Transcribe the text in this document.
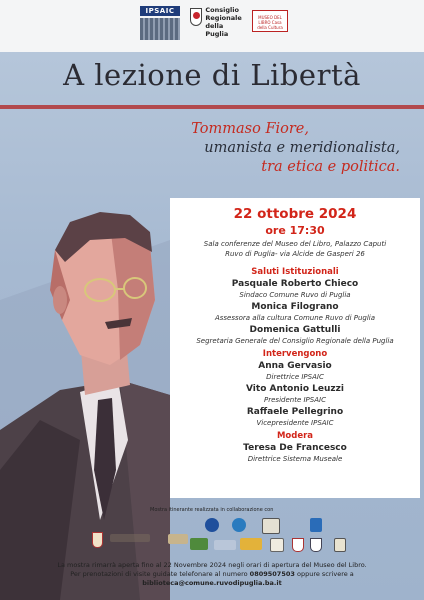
IPSAIC	Consiglio
Regionale
della Puglia
MUSEO DEL LIBRO Casa della Cultura
A lezione di Libertà
Tommaso Fiore,
umanista e meridionalista,
tra etica e politica.
22 ottobre 2024
ore 17:30
Sala conferenze del Museo del Libro, Palazzo Caputi
Ruvo di Puglia- via Alcide de Gasperi 26
Saluti Istituzionali
Pasquale Roberto Chieco
Sindaco Comune Ruvo di Puglia
Monica Filograno
Assessora alla cultura Comune Ruvo di Puglia
Domenica Gattulli
Segretaria Generale del Consiglio Regionale della Puglia
Intervengono
Anna Gervasio
Direttrice IPSAIC
Vito Antonio Leuzzi
Presidente IPSAIC
Raffaele Pellegrino
Vicepresidente IPSAIC
Modera
Teresa De Francesco
Direttrice Sistema Museale
Mostra itinerante realizzata in collaborazione con
La mostra rimarrà aperta fino al 22 Novembre 2024 negli orari di apertura del Museo del Libro.
Per prenotazioni di visite guidate telefonare al numero 0809507503 oppure scrivere a biblioteca@comune.ruvodipuglia.ba.it
